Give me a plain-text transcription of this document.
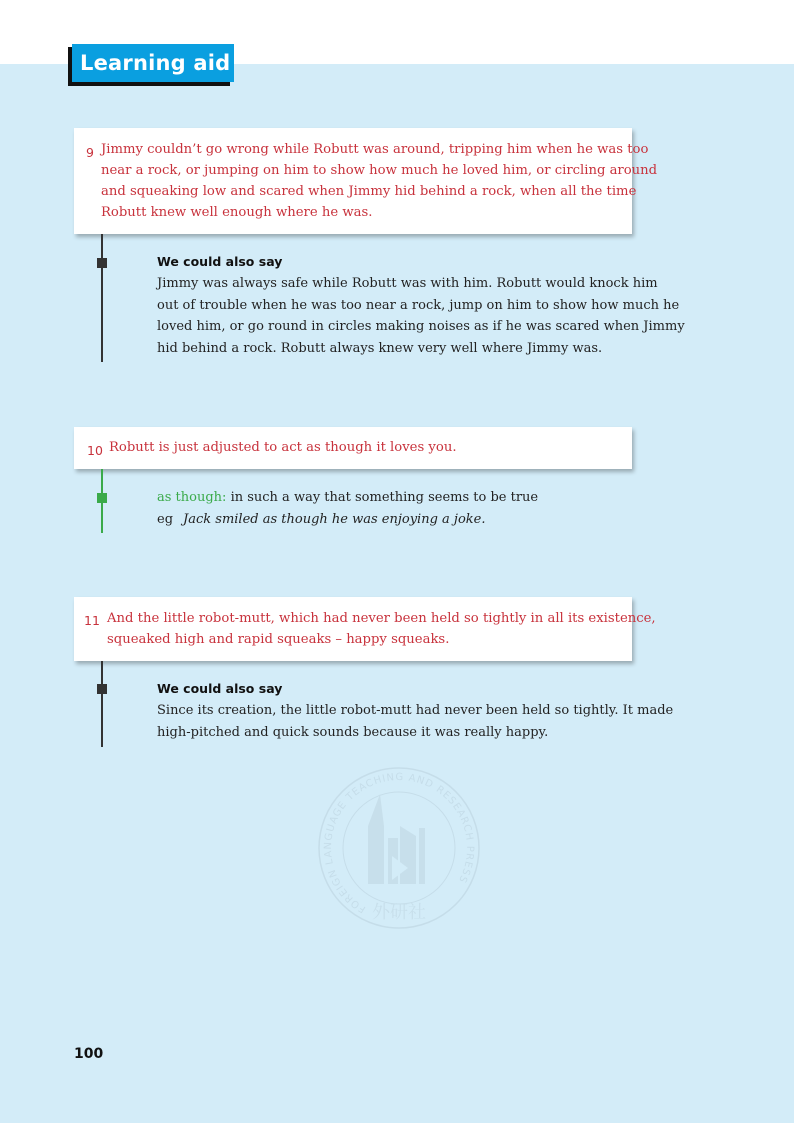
Learning aid
9 Jimmy couldn’t go wrong while Robutt was around, tripping him when he was too
near a rock, or jumping on him to show how much he loved him, or circling around
and squeaking low and scared when Jimmy hid behind a rock, when all the time
Robutt knew well enough where he was.
We could also say
Jimmy was always safe while Robutt was with him. Robutt would knock him
out of trouble when he was too near a rock, jump on him to show how much he
loved him, or go round in circles making noises as if he was scared when Jimmy
hid behind a rock. Robutt always knew very well where Jimmy was.
10 Robutt is just adjusted to act as though it loves you.
as though: in such a way that something seems to be true
eg Jack smiled as though he was enjoying a joke.
11 And the little robot-mutt, which had never been held so tightly in all its existence,
squeaked high and rapid squeaks – happy squeaks.
We could also say
Since its creation, the little robot-mutt had never been held so tightly. It made
high-pitched and quick sounds because it was really happy.
FOREIGN LANGUAGE TEACHING AND RESEARCH PRESS
外研社
100
